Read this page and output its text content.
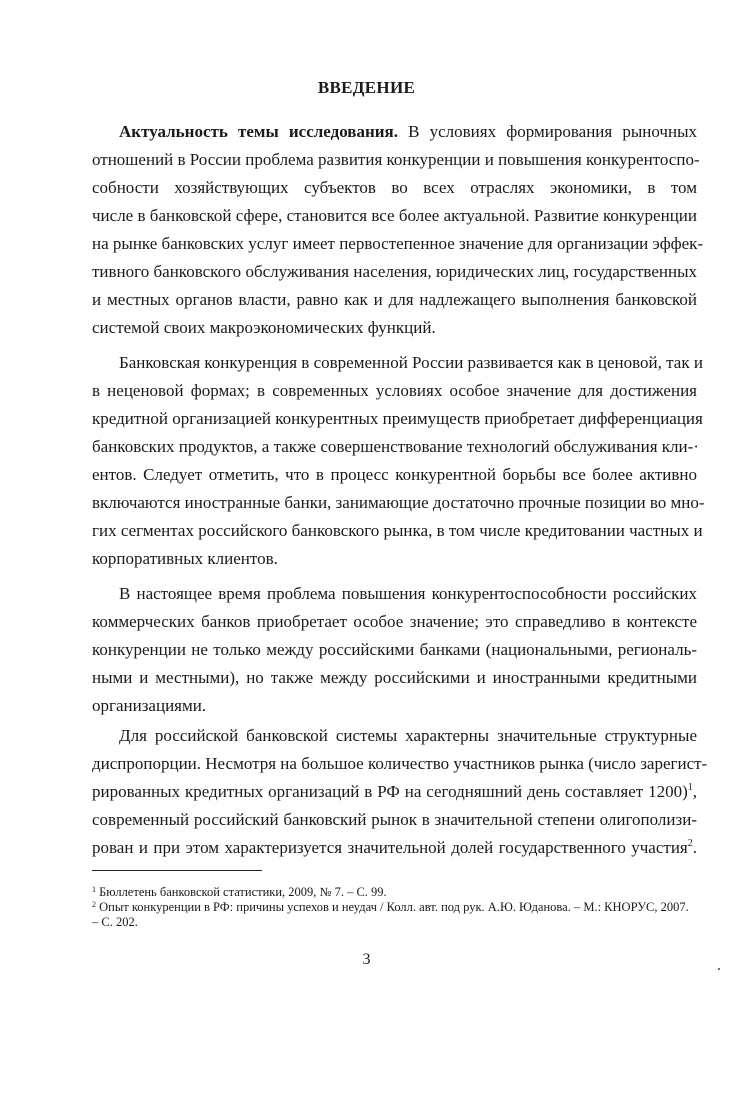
ВВЕДЕНИЕ
Актуальность темы исследования. В условиях формирования рыночных
отношений в России проблема развития конкуренции и повышения конкурентоспо-
собности хозяйствующих субъектов во всех отраслях экономики, в том
числе в банковской сфере, становится все более актуальной. Развитие конкуренции
на рынке банковских услуг имеет первостепенное значение для организации эффек-
тивного банковского обслуживания населения, юридических лиц, государственных
и местных органов власти, равно как и для надлежащего выполнения банковской
системой своих макроэкономических функций.
Банковская конкуренция в современной России развивается как в ценовой, так и
в неценовой формах; в современных условиях особое значение для достижения
кредитной организацией конкурентных преимуществ приобретает дифференциация
банковских продуктов, а также совершенствование технологий обслуживания кли-·
ентов. Следует отметить, что в процесс конкурентной борьбы все более активно
включаются иностранные банки, занимающие достаточно прочные позиции во мно-
гих сегментах российского банковского рынка, в том числе кредитовании частных и
корпоративных клиентов.
В настоящее время проблема повышения конкурентоспособности российских
коммерческих банков приобретает особое значение; это справедливо в контексте
конкуренции не только между российскими банками (национальными, региональ-
ными и местными), но также между российскими и иностранными кредитными
организациями.
Для российской банковской системы характерны значительные структурные
диспропорции. Несмотря на большое количество участников рынка (число зарегист-
рированных кредитных организаций в РФ на сегодняшний день составляет 1200)$^1$,
современный российский банковский рынок в значительной степени олигополизи-
рован и при этом характеризуется значительной долей государственного участия$^2$.
$^1$ Бюллетень банковской статистики, 2009, № 7. – С. 99.
$^2$ Опыт конкуренции в РФ: причины успехов и неудач / Колл. авт. под рук. А.Ю. Юданова. – М.: КНОРУС, 2007. – С. 202.
3
